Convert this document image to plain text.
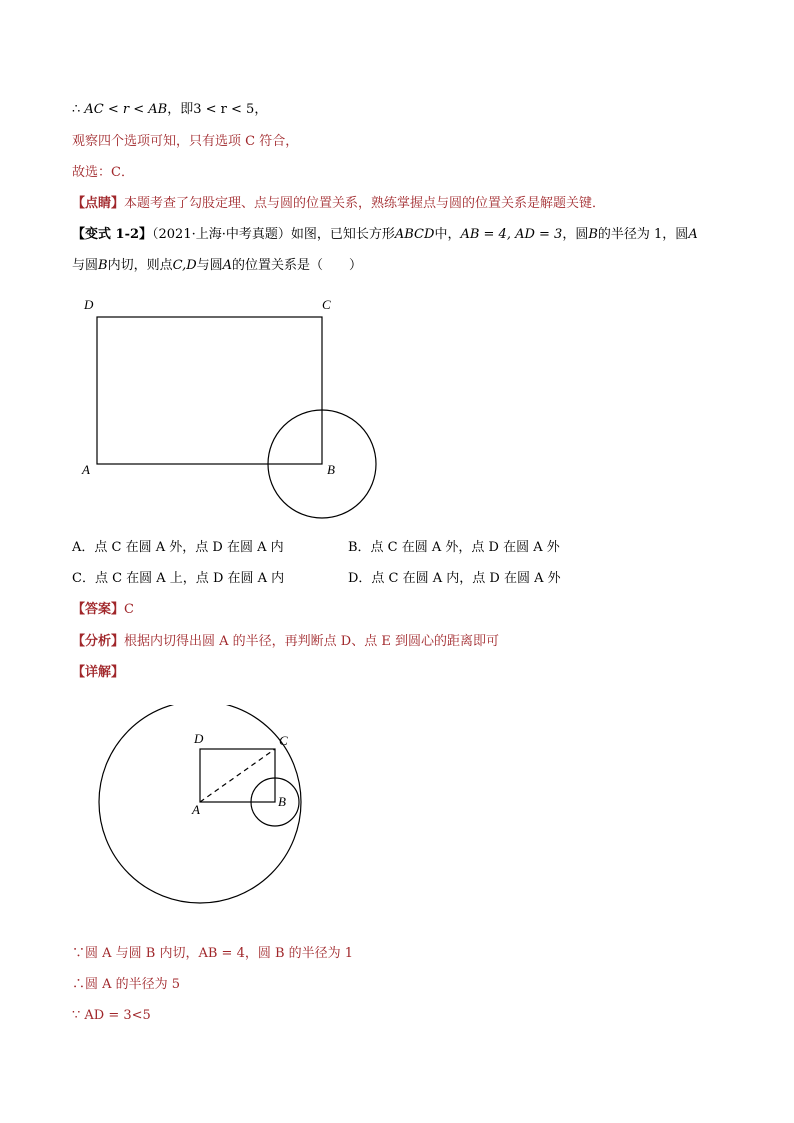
∴ AC < r < AB，即3 < r < 5，
观察四个选项可知，只有选项 C 符合，
故选：C．
【点睛】本题考查了勾股定理、点与圆的位置关系，熟练掌握点与圆的位置关系是解题关键．
【变式 1-2】（2021·上海·中考真题）如图，已知长方形ABCD中，AB = 4, AD = 3，圆B的半径为 1，圆A
与圆B内切，则点C,D与圆A的位置关系是（　　）
D	C
A	B
A．点 C 在圆 A 外，点 D 在圆 A 内	B．点 C 在圆 A 外，点 D 在圆 A 外
C．点 C 在圆 A 上，点 D 在圆 A 内	D．点 C 在圆 A 内，点 D 在圆 A 外
【答案】C
【分析】根据内切得出圆 A 的半径，再判断点 D、点 E 到圆心的距离即可
【详解】
D	C
A
B
∵圆 A 与圆 B 内切，AB = 4，圆 B 的半径为 1
∴圆 A 的半径为 5
∵ AD = 3<5
